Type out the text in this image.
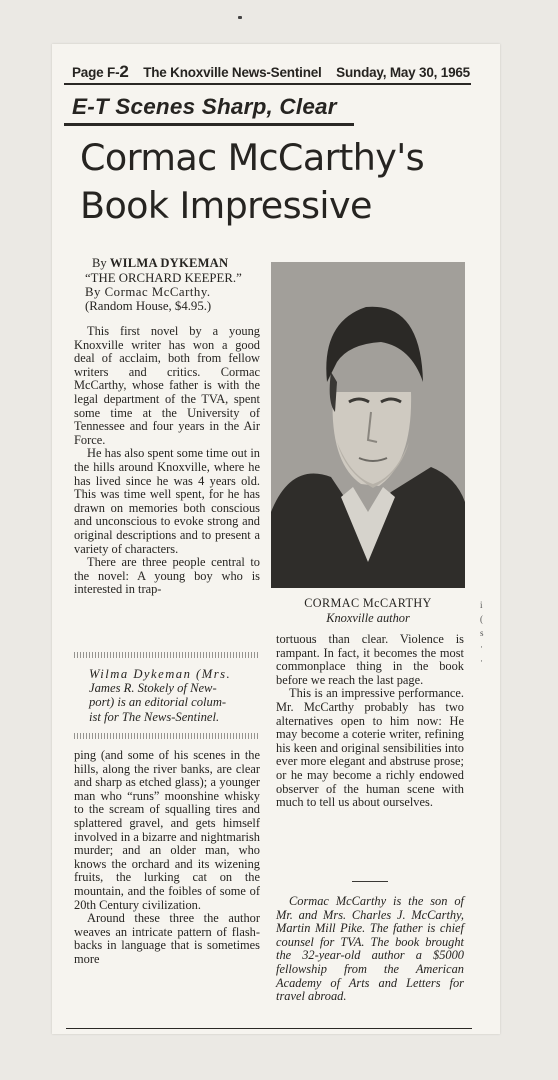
Page F-2 The Knoxville News-Sentinel Sunday, May 30, 1965
E-T Scenes Sharp, Clear
Cormac McCarthy's
Book Impressive
By WILMA DYKEMAN
“THE ORCHARD KEEPER.”
By Cormac McCarthy.
(Random House, $4.95.)

This first novel by a young Knoxville writer has won a good deal of acclaim, both from fellow writers and critics. Cormac McCarthy, whose father is with the legal department of the TVA, spent some time at the University of Tennessee and four years in the Air Force.

He has also spent some time out in the hills around Knoxville, where he has lived since he was 4 years old. This was time well spent, for he has drawn on memories both conscious and unconscious to evoke strong and original descriptions and to present a variety of characters.

There are three people central to the novel: A young boy who is interested in trap-

Wilma Dykeman (Mrs.
James R. Stokely of New-
port) is an editorial colum-
ist for The News-Sentinel.

ping (and some of his scenes in the hills, along the river banks, are clear and sharp as etched glass); a younger man who “runs” moonshine whisky to the scream of squalling tires and splattered gravel, and gets himself involved in a bizarre and nightmarish murder; and an older man, who knows the orchard and its wizening fruits, the lurking cat on the mountain, and the foibles of some of 20th Century civilization.

Around these three the author weaves an intricate pattern of flash-backs in language that is sometimes more

CORMAC McCARTHY
Knoxville author

tortuous than clear. Violence is rampant. In fact, it becomes the most commonplace thing in the book before we reach the last page.

This is an impressive performance. Mr. McCarthy probably has two alternatives open to him now: He may become a coterie writer, refining his keen and original sensibilities into ever more elegant and abstruse prose; or he may become a richly endowed observer of the human scene with much to tell us about ourselves.

Cormac McCarthy is the son of Mr. and Mrs. Charles J. McCarthy, Martin Mill Pike. The father is chief counsel for TVA. The book brought the 32-year-old author a $5000 fellowship from the American Academy of Arts and Letters for travel abroad.

i
(
s
·
·
